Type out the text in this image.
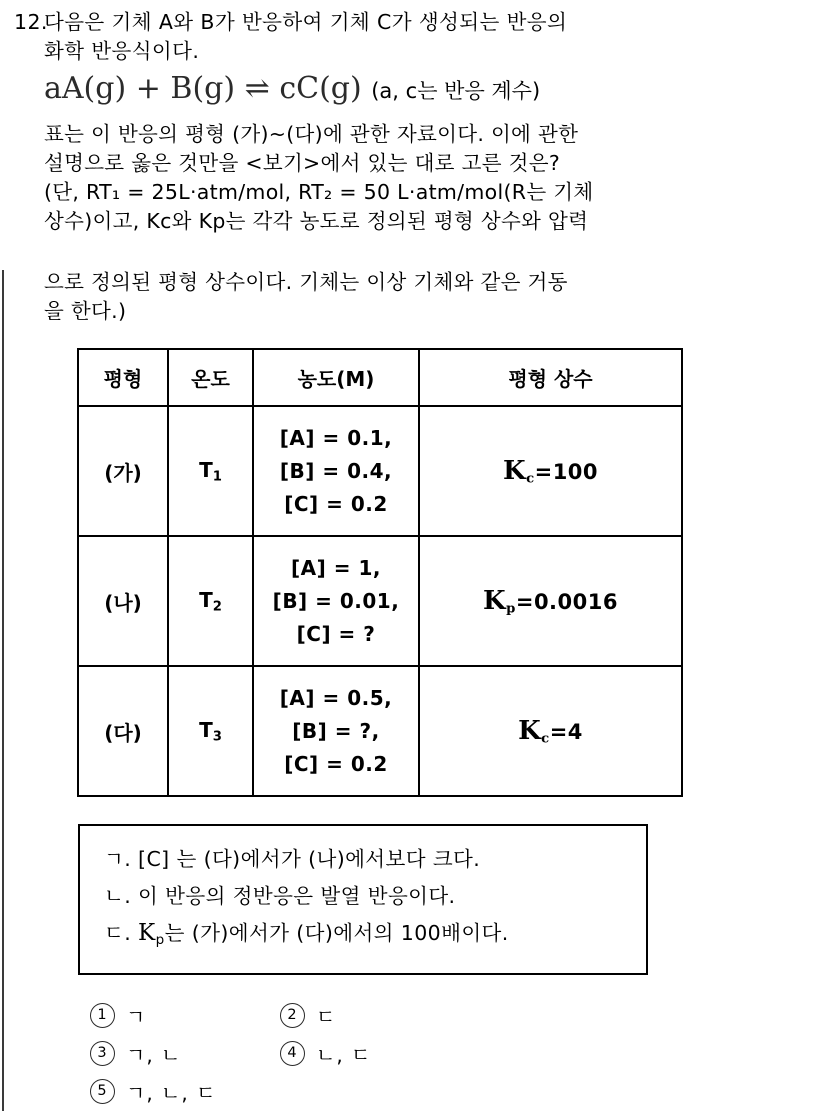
12.다음은 기체 A와 B가 반응하여 기체 C가 생성되는 반응의
화학 반응식이다.
aA(g) + B(g) ⇌ cC(g) (a, c는 반응 계수)
표는 이 반응의 평형 (가)~(다)에 관한 자료이다. 이에 관한
설명으로 옳은 것만을 <보기>에서 있는 대로 고른 것은?
(단, RT₁ = 25L·atm/mol, RT₂ = 50 L·atm/mol(R는 기체
상수)이고, Kc와 Kp는 각각 농도로 정의된 평형 상수와 압력
으로 정의된 평형 상수이다. 기체는 이상 기체와 같은 거동
을 한다.)
평형	온도	농도(M)	평형 상수
(가)	$T_1$	[A] = 0.1,
[B] = 0.4,
[C] = 0.2	$K_c=100$
(나)	$T_2$	[A] = 1,
[B] = 0.01,
[C] = ?	$K_p=0.0016$
(다)	$T_3$	[A] = 0.5,
[B] = ?,
[C] = 0.2	$K_c=4$
ㄱ. [C] 는 (다)에서가 (나)에서보다 크다.
ㄴ. 이 반응의 정반응은 발열 반응이다.
ㄷ. $K_p$는 (가)에서가 (다)에서의 100배이다.
1 ㄱ	2 ㄷ
3 ㄱ, ㄴ	4 ㄴ, ㄷ
5 ㄱ, ㄴ, ㄷ
